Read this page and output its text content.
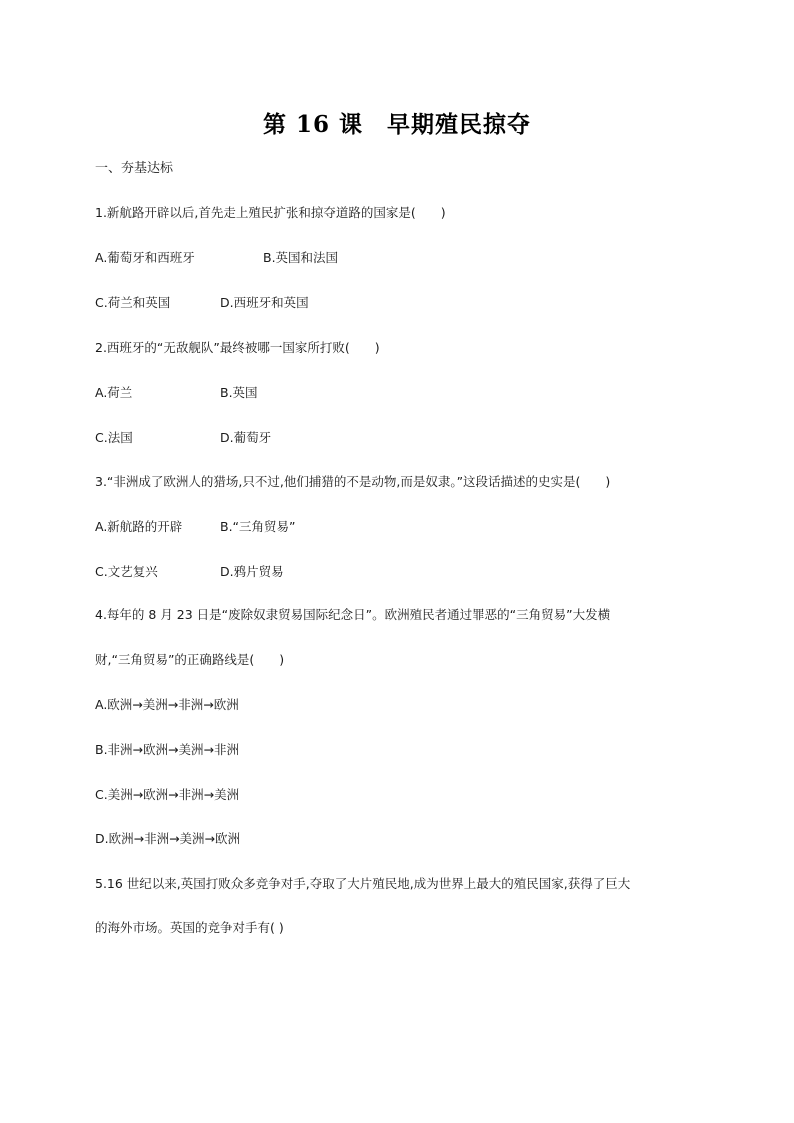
第 16 课　早期殖民掠夺
一、夯基达标
1.新航路开辟以后,首先走上殖民扩张和掠夺道路的国家是(　　)
A.葡萄牙和西班牙	B.英国和法国
C.荷兰和英国	D.西班牙和英国
2.西班牙的“无敌舰队”最终被哪一国家所打败(　　)
A.荷兰	B.英国
C.法国	D.葡萄牙
3.“非洲成了欧洲人的猎场,只不过,他们捕猎的不是动物,而是奴隶。”这段话描述的史实是(　　)
A.新航路的开辟	B.“三角贸易”
C.文艺复兴	D.鸦片贸易
4.每年的 8 月 23 日是“废除奴隶贸易国际纪念日”。欧洲殖民者通过罪恶的“三角贸易”大发横
财,“三角贸易”的正确路线是(　　)
A.欧洲→美洲→非洲→欧洲
B.非洲→欧洲→美洲→非洲
C.美洲→欧洲→非洲→美洲
D.欧洲→非洲→美洲→欧洲
5.16 世纪以来,英国打败众多竞争对手,夺取了大片殖民地,成为世界上最大的殖民国家,获得了巨大
的海外市场。英国的竞争对手有( )
